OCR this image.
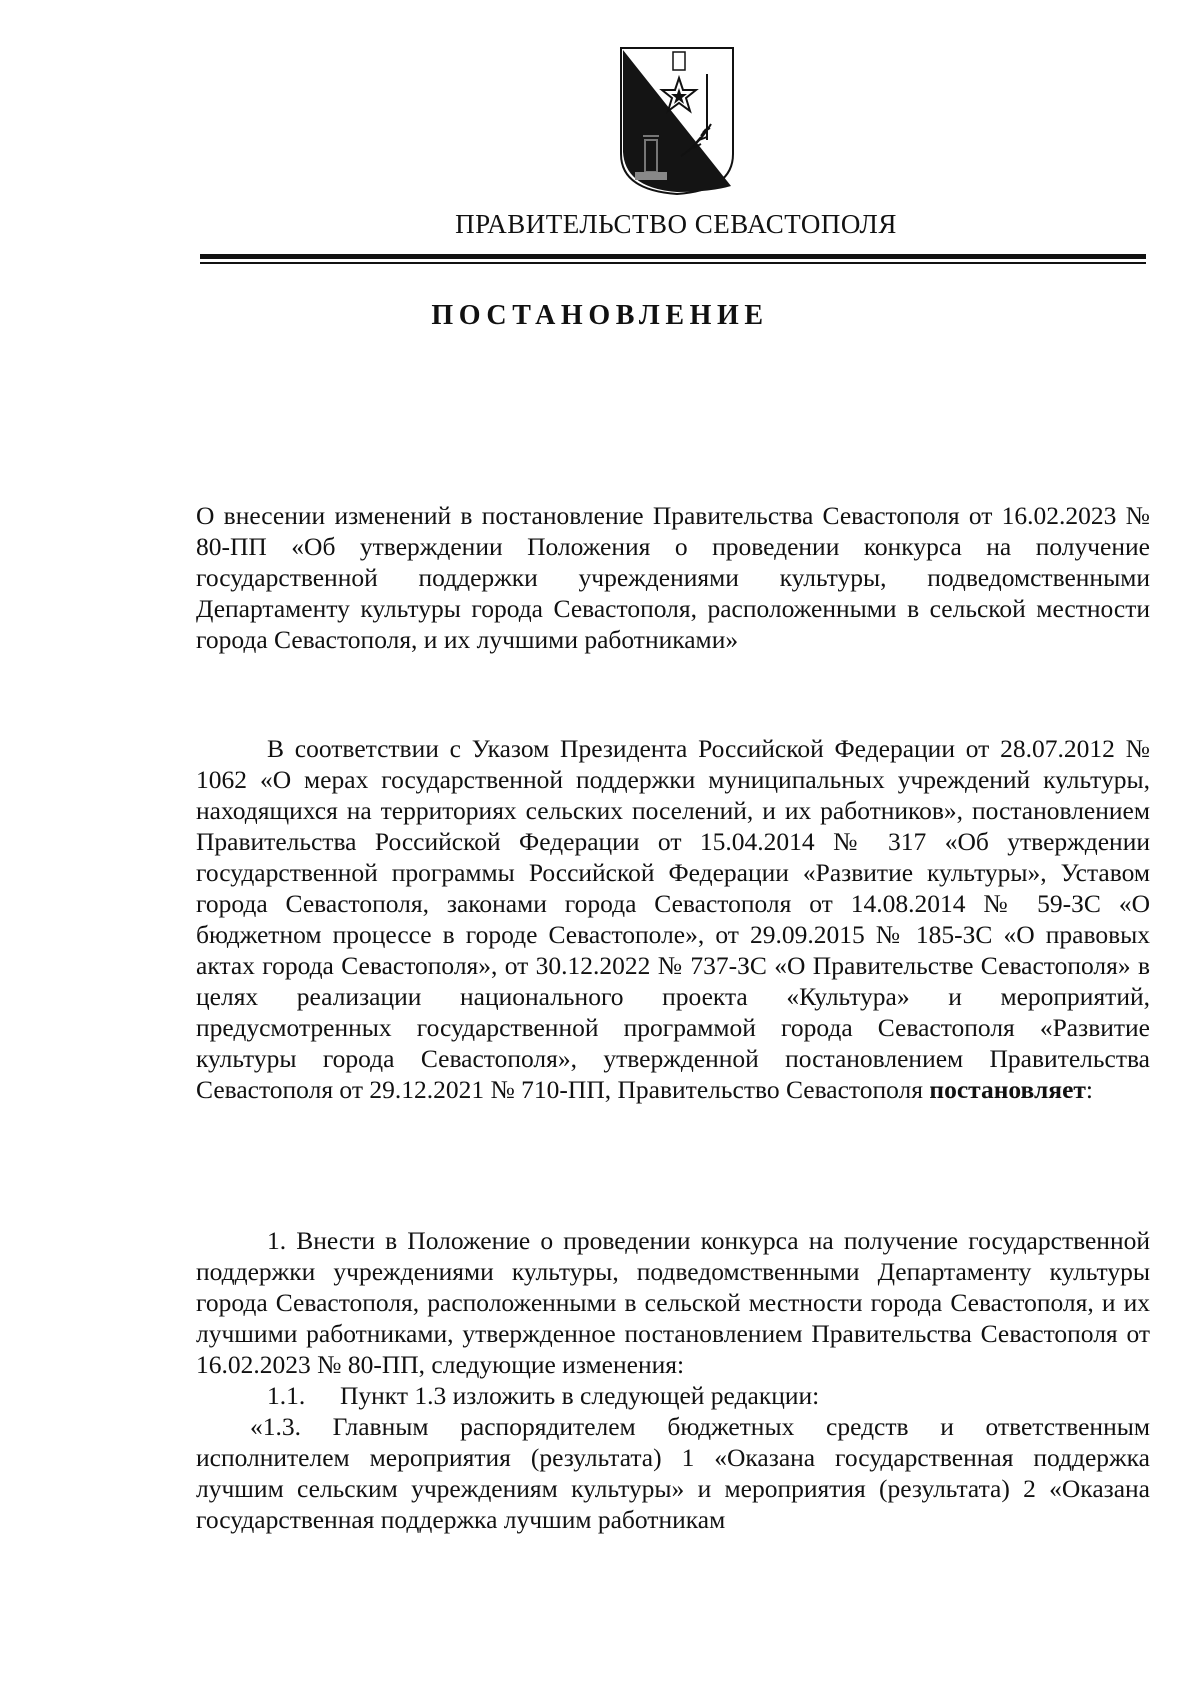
ПРАВИТЕЛЬСТВО СЕВАСТОПОЛЯ
ПОСТАНОВЛЕНИЕ
О внесении изменений в постановление Правительства Севастополя от 16.02.2023 № 80-ПП «Об утверждении Положения о проведении конкурса на получение государственной поддержки учреждениями культуры, подведомственными Департаменту культуры города Севастополя, расположенными в сельской местности города Севастополя, и их лучшими работниками»
В соответствии с Указом Президента Российской Федерации от 28.07.2012 № 1062 «О мерах государственной поддержки муниципальных учреждений культуры, находящихся на территориях сельских поселений, и их работников», постановлением Правительства Российской Федерации от 15.04.2014 № 317 «Об утверждении государственной программы Российской Федерации «Развитие культуры», Уставом города Севастополя, законами города Севастополя от 14.08.2014 № 59-ЗС «О бюджетном процессе в городе Севастополе», от 29.09.2015 № 185-ЗС «О правовых актах города Севастополя», от 30.12.2022 № 737-ЗС «О Правительстве Севастополя» в целях реализации национального проекта «Культура» и мероприятий, предусмотренных государственной программой города Севастополя «Развитие культуры города Севастополя», утвержденной постановлением Правительства Севастополя от 29.12.2021 № 710-ПП, Правительство Севастополя постановляет:
1. Внести в Положение о проведении конкурса на получение государственной поддержки учреждениями культуры, подведомственными Департаменту культуры города Севастополя, расположенными в сельской местности города Севастополя, и их лучшими работниками, утвержденное постановлением Правительства Севастополя от 16.02.2023 № 80-ПП, следующие изменения:
1.1. Пункт 1.3 изложить в следующей редакции:
«1.3. Главным распорядителем бюджетных средств и ответственным исполнителем мероприятия (результата) 1 «Оказана государственная поддержка лучшим сельским учреждениям культуры» и мероприятия (результата) 2 «Оказана государственная поддержка лучшим работникам
